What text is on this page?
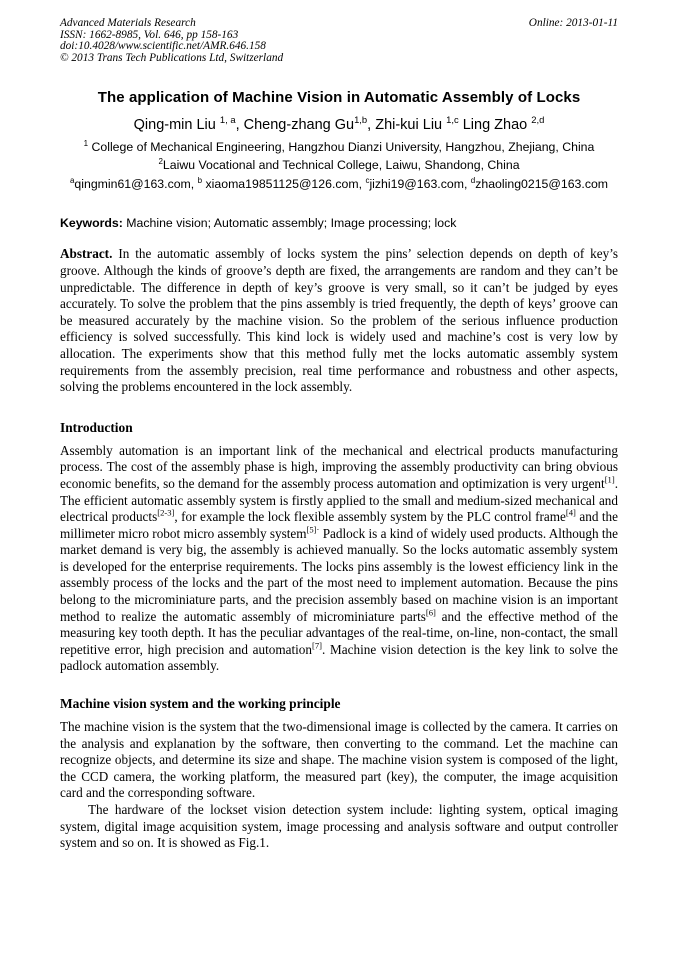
Advanced Materials Research
ISSN: 1662-8985, Vol. 646, pp 158-163
doi:10.4028/www.scientific.net/AMR.646.158
© 2013 Trans Tech Publications Ltd, Switzerland
Online: 2013-01-11
The application of Machine Vision in Automatic Assembly of Locks
Qing-min Liu $^{1, a}$, Cheng-zhang Gu$^{1,b}$, Zhi-kui Liu $^{1,c}$ Ling Zhao $^{2,d}$
$^1$ College of Mechanical Engineering, Hangzhou Dianzi University, Hangzhou, Zhejiang, China
$^2$Laiwu Vocational and Technical College, Laiwu, Shandong, China
$^a$qingmin61@163.com, $^b$ xiaoma19851125@126.com, $^c$jizhi19@163.com, $^d$zhaoling0215@163.com
Keywords: Machine vision; Automatic assembly; Image processing; lock

Abstract. In the automatic assembly of locks system the pins’ selection depends on depth of key’s groove. Although the kinds of groove’s depth are fixed, the arrangements are random and they can’t be unpredictable. The difference in depth of key’s groove is very small, so it can’t be judged by eyes accurately. To solve the problem that the pins assembly is tried frequently, the depth of keys’ groove can be measured accurately by the machine vision. So the problem of the serious influence production efficiency is solved successfully. This kind lock is widely used and machine’s cost is very low by allocation. The experiments show that this method fully met the locks automatic assembly system requirements from the assembly precision, real time performance and robustness and other aspects, solving the problems encountered in the lock assembly.

Introduction

Assembly automation is an important link of the mechanical and electrical products manufacturing process. The cost of the assembly phase is high, improving the assembly productivity can bring obvious economic benefits, so the demand for the assembly process automation and optimization is very urgent[1]. The efficient automatic assembly system is firstly applied to the small and medium-sized mechanical and electrical products[2-3], for example the lock flexible assembly system by the PLC control frame[4] and the millimeter micro robot micro assembly system$^{[5]\cdot}$ Padlock is a kind of widely used products. Although the market demand is very big, the assembly is achieved manually. So the locks automatic assembly system is developed for the enterprise requirements. The locks pins assembly is the lowest efficiency link in the assembly process of the locks and the part of the most need to implement automation. Because the pins belong to the microminiature parts, and the precision assembly based on machine vision is an important method to realize the automatic assembly of microminiature parts[6] and the effective method of the measuring key tooth depth. It has the peculiar advantages of the real-time, on-line, non-contact, the small repetitive error, high precision and automation[7]. Machine vision detection is the key link to solve the padlock automation assembly.

Machine vision system and the working principle

The machine vision is the system that the two-dimensional image is collected by the camera. It carries on the analysis and explanation by the software, then converting to the command. Let the machine can recognize objects, and determine its size and shape. The machine vision system is composed of the light, the CCD camera, the working platform, the measured part (key), the computer, the image acquisition card and the corresponding software.

The hardware of the lockset vision detection system include: lighting system, optical imaging system, digital image acquisition system, image processing and analysis software and output controller system and so on. It is showed as Fig.1.
